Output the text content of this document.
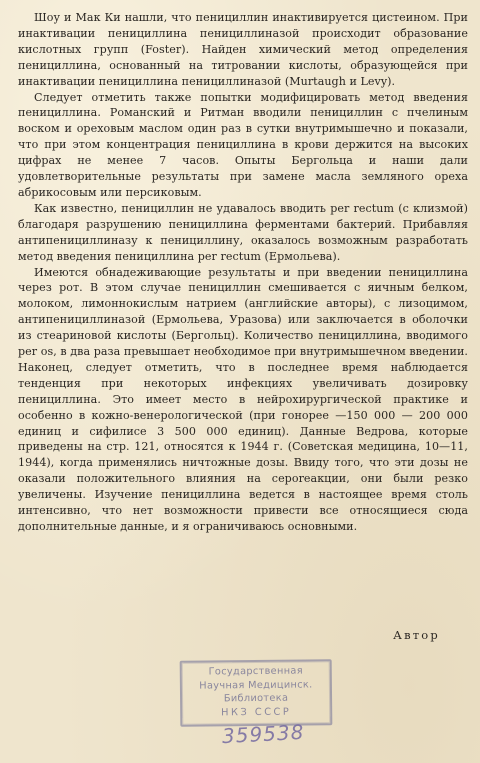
Шоу и Мак Ки нашли, что пенициллин инактивируется цистеином. При инактивации пенициллина пенициллиназой происходит образование кислотных групп (Foster). Найден химический метод определения пенициллина, основанный на титровании кислоты, образующейся при инактивации пенициллина пенициллиназой (Murtaugh и Levy).

Следует отметить также попытки модифицировать метод введения пенициллина. Романский и Ритман вводили пенициллин с пчелиным воском и ореховым маслом один раз в сутки внутримышечно и показали, что при этом концентрация пенициллина в крови держится на высоких цифрах не менее 7 часов. Опыты Бергольца и наши дали удовлетворительные результаты при замене масла земляного ореха абрикосовым или персиковым.

Как известно, пенициллин не удавалось вводить per rectum (с клизмой) благодаря разрушению пенициллина ферментами бактерий. Прибавляя антипенициллиназу к пенициллину, оказалось возможным разработать метод введения пенициллина per rectum (Ермольева).

Имеются обнадеживающие результаты и при введении пенициллина через рот. В этом случае пенициллин смешивается с яичным белком, молоком, лимоннокислым натрием (английские авторы), с лизоцимом, антипенициллиназой (Ермольева, Уразова) или заключается в оболочки из стеариновой кислоты (Бергольц). Количество пенициллина, вводимого per os, в два раза превышает необходимое при внутримышечном введении. Наконец, следует отметить, что в последнее время наблюдается тенденция при некоторых инфекциях увеличивать дозировку пенициллина. Это имеет место в нейрохирургической практике и особенно в кожно-венерологической (при гонорее —150 000 — 200 000 единиц и сифилисе 3 500 000 единиц). Данные Ведрова, которые приведены на стр. 121, относятся к 1944 г. (Советская медицина, 10—11, 1944), когда применялись ничтожные дозы. Ввиду того, что эти дозы не оказали положительного влияния на сероreакции, они были резко увеличены. Изучение пенициллина ведется в настоящее время столь интенсивно, что нет возможности привести все относящиеся сюда дополнительные данные, и я ограничиваюсь основными.

Автор
Государственная
Научная Медицинск.
Библиотека
НКЗ СССР
359538
